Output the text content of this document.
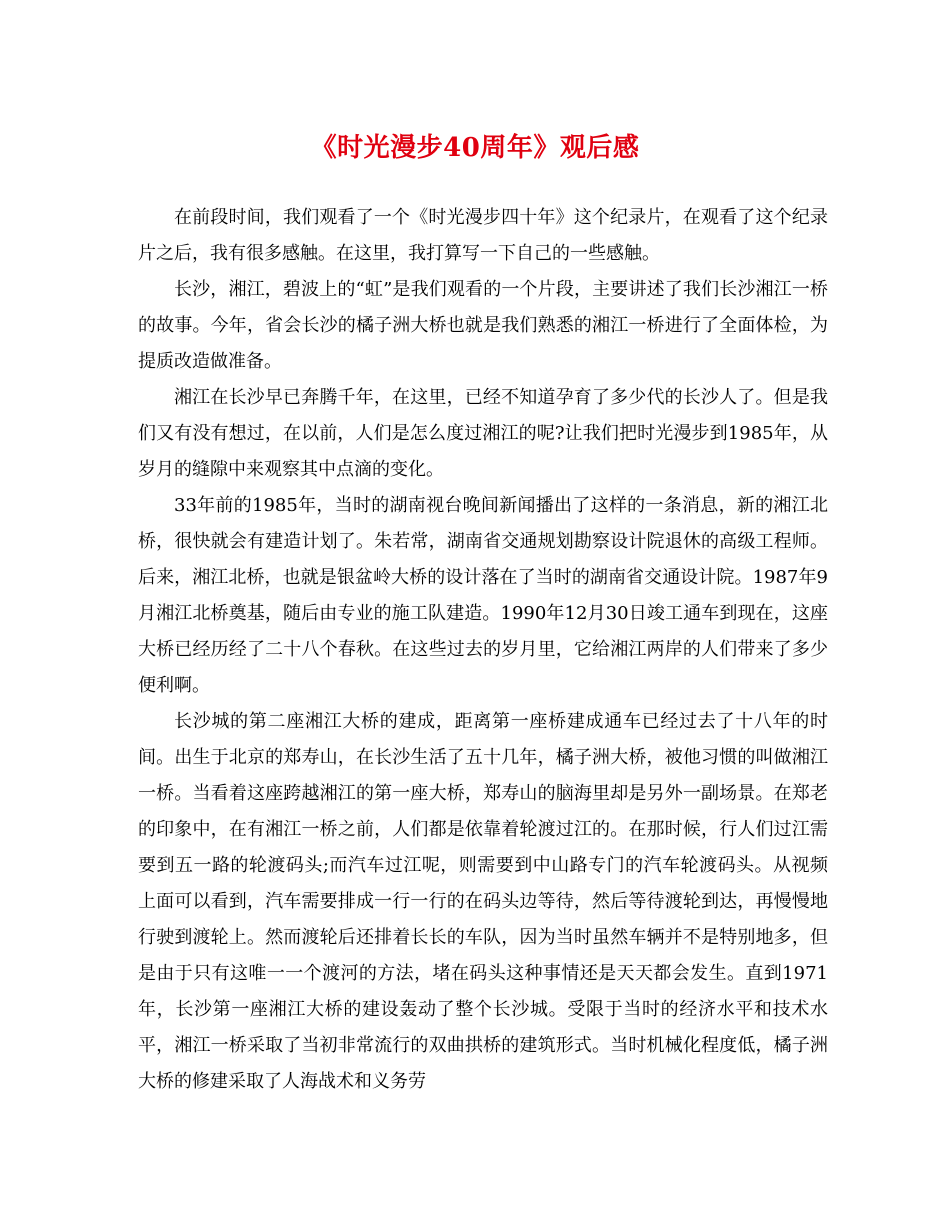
《时光漫步40周年》观后感

在前段时间，我们观看了一个《时光漫步四十年》这个纪录片，在观看了这个纪录片之后，我有很多感触。在这里，我打算写一下自己的一些感触。

长沙，湘江，碧波上的“虹”是我们观看的一个片段，主要讲述了我们长沙湘江一桥的故事。今年，省会长沙的橘子洲大桥也就是我们熟悉的湘江一桥进行了全面体检，为提质改造做准备。

湘江在长沙早已奔腾千年，在这里，已经不知道孕育了多少代的长沙人了。但是我们又有没有想过，在以前，人们是怎么度过湘江的呢?让我们把时光漫步到1985年，从岁月的缝隙中来观察其中点滴的变化。

33年前的1985年，当时的湖南视台晚间新闻播出了这样的一条消息，新的湘江北桥，很快就会有建造计划了。朱若常，湖南省交通规划勘察设计院退休的高级工程师。后来，湘江北桥，也就是银盆岭大桥的设计落在了当时的湖南省交通设计院。1987年9月湘江北桥奠基，随后由专业的施工队建造。1990年12月30日竣工通车到现在，这座大桥已经历经了二十八个春秋。在这些过去的岁月里，它给湘江两岸的人们带来了多少便利啊。

长沙城的第二座湘江大桥的建成，距离第一座桥建成通车已经过去了十八年的时间。出生于北京的郑寿山，在长沙生活了五十几年，橘子洲大桥，被他习惯的叫做湘江一桥。当看着这座跨越湘江的第一座大桥，郑寿山的脑海里却是另外一副场景。在郑老的印象中，在有湘江一桥之前，人们都是依靠着轮渡过江的。在那时候，行人们过江需要到五一路的轮渡码头;而汽车过江呢，则需要到中山路专门的汽车轮渡码头。从视频上面可以看到，汽车需要排成一行一行的在码头边等待，然后等待渡轮到达，再慢慢地行驶到渡轮上。然而渡轮后还排着长长的车队，因为当时虽然车辆并不是特别地多，但是由于只有这唯一一个渡河的方法，堵在码头这种事情还是天天都会发生。直到1971年，长沙第一座湘江大桥的建设轰动了整个长沙城。受限于当时的经济水平和技术水平，湘江一桥采取了当初非常流行的双曲拱桥的建筑形式。当时机械化程度低，橘子洲大桥的修建采取了人海战术和义务劳
